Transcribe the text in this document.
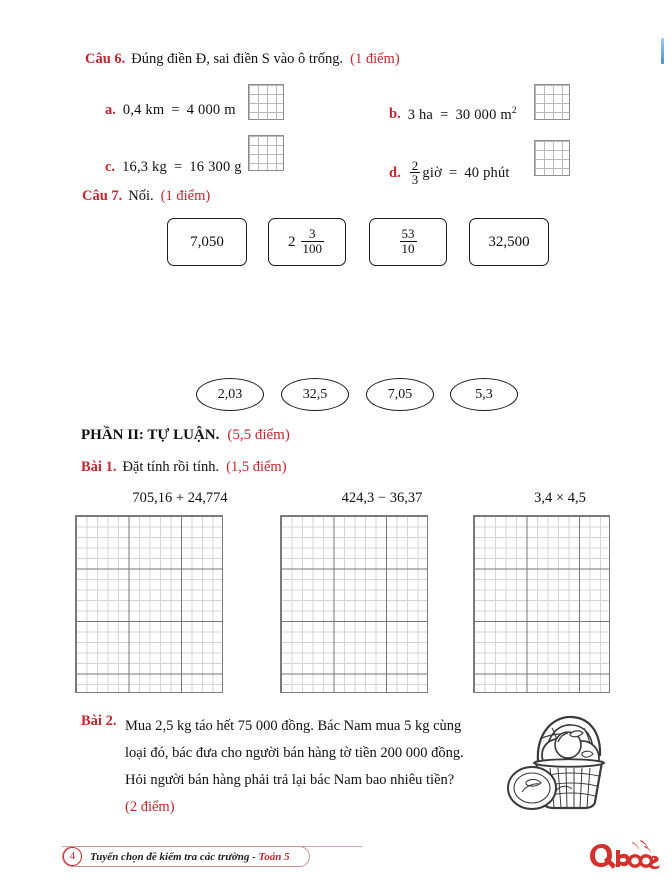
Câu 6. Đúng điền Đ, sai điền S vào ô trống. (1 điểm)
a. 0,4 km = 4 000 m	b. 3 ha = 30 000 $m^2$
c. 16,3 kg = 16 300 g	d. $\frac{2}{3}$ giờ = 40 phút
Câu 7. Nối. (1 điểm)
7,050	$2 \frac{3}{100}$	$\frac{53}{10}$	32,500
2,03	32,5	7,05	5,3
PHẦN II: TỰ LUẬN. (5,5 điểm)
Bài 1. Đặt tính rồi tính. (1,5 điểm)
705,16 + 24,774	424,3 − 36,37	3,4 × 4,5
Bài 2. Mua 2,5 kg táo hết 75 000 đồng. Bác Nam mua 5 kg cùng
loại đó, bác đưa cho người bán hàng tờ tiền 200 000 đồng.
Hỏi người bán hàng phải trả lại bác Nam bao nhiêu tiền?
(2 điểm)
4	Tuyển chọn đề kiểm tra các trường - Toán 5
